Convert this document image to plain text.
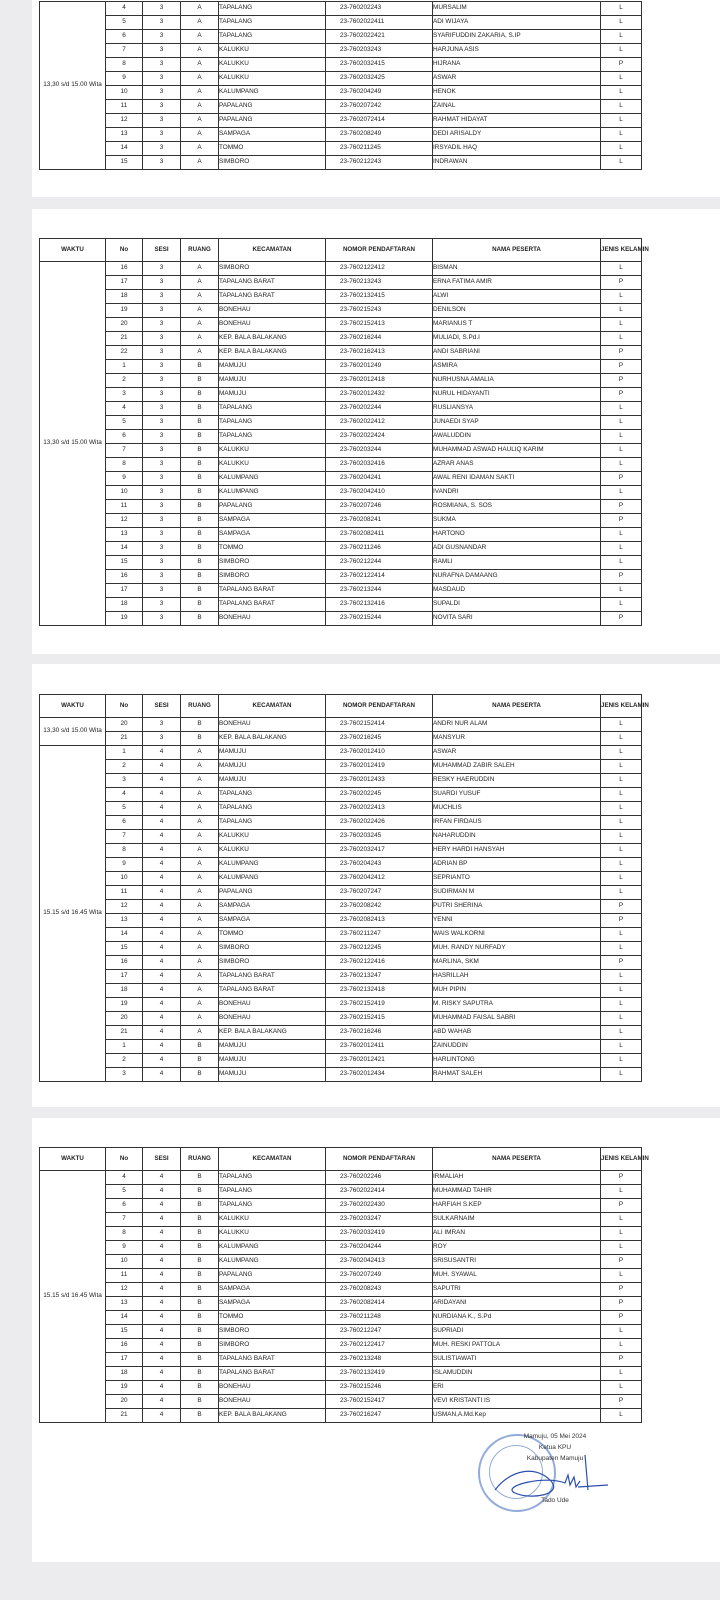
13,30 s/d 15.00 Wita	4	3	A	TAPALANG	23-760202243	MURSALIM	L
	5	3	A	TAPALANG	23-7602022411	ADI WIJAYA	L
	6	3	A	TAPALANG	23-7602022421	SYARIFUDDIN ZAKARIA, S.IP	L
	7	3	A	KALUKKU	23-760203243	HARJUNA ASIS	L
	8	3	A	KALUKKU	23-7602032415	HIJRANA	P
	9	3	A	KALUKKU	23-7602032425	ASWAR	L
	10	3	A	KALUMPANG	23-760204249	HENOK	L
	11	3	A	PAPALANG	23-760207242	ZAINAL	L
	12	3	A	PAPALANG	23-7602072414	RAHMAT HIDAYAT	L
	13	3	A	SAMPAGA	23-760208249	DEDI ARISALDY	L
	14	3	A	TOMMO	23-760211245	IRSYADIL HAQ	L
	15	3	A	SIMBORO	23-760212243	INDRAWAN	L
WAKTU	No	SESI	RUANG	KECAMATAN	NOMOR PENDAFTARAN	NAMA PESERTA	JENIS KELAMIN
13,30 s/d 15.00 Wita	16	3	A	SIMBORO	23-7602122412	BISMAN	L
	17	3	A	TAPALANG BARAT	23-760213243	ERNA FATIMA AMIR	P
	18	3	A	TAPALANG BARAT	23-7602132415	ALWI	L
	19	3	A	BONEHAU	23-760215243	DENILSON	L
	20	3	A	BONEHAU	23-7602152413	MARIANUS T	L
	21	3	A	KEP. BALA BALAKANG	23-760216244	MULIADI, S.Pd.I	L
	22	3	A	KEP. BALA BALAKANG	23-7602162413	ANDI SABRIANI	P
	1	3	B	MAMUJU	23-760201249	ASMIRA	P
	2	3	B	MAMUJU	23-7602012418	NURHUSNA AMALIA	P
	3	3	B	MAMUJU	23-7602012432	NURUL HIDAYANTI	P
	4	3	B	TAPALANG	23-760202244	RUSLIANSYA	L
	5	3	B	TAPALANG	23-7602022412	JUNAEDI SYAP	L
	6	3	B	TAPALANG	23-7602022424	AWALUDDIN	L
	7	3	B	KALUKKU	23-760203244	MUHAMMAD ASWAD HAULIQ KARIM	L
	8	3	B	KALUKKU	23-7602032416	AZRAR ANAS	L
	9	3	B	KALUMPANG	23-760204241	AWAL RENI IDAMAN SAKTI	P
	10	3	B	KALUMPANG	23-7602042410	IVANDRI	L
	11	3	B	PAPALANG	23-760207246	ROSMIANA, S. SOS	P
	12	3	B	SAMPAGA	23-760208241	SUKMA	P
	13	3	B	SAMPAGA	23-7602082411	HARTONO	L
	14	3	B	TOMMO	23-760211246	ADI GUSNANDAR	L
	15	3	B	SIMBORO	23-760212244	RAMLI	L
	16	3	B	SIMBORO	23-7602122414	NURAFNA DAMAANG	P
	17	3	B	TAPALANG BARAT	23-760213244	MASDAUD	L
	18	3	B	TAPALANG BARAT	23-7602132416	SUPALDI	L
	19	3	B	BONEHAU	23-760215244	NOVITA SARI	P
WAKTU	No	SESI	RUANG	KECAMATAN	NOMOR PENDAFTARAN	NAMA PESERTA	JENIS KELAMIN
13,30 s/d 15.00 Wita	20	3	B	BONEHAU	23-7602152414	ANDRI NUR ALAM	L
	21	3	B	KEP. BALA BALAKANG	23-760216245	MANSYUR	L
15.15 s/d 16.45 Wita	1	4	A	MAMUJU	23-7602012410	ASWAR	L
	2	4	A	MAMUJU	23-7602012419	MUHAMMAD ZABIR SALEH	L
	3	4	A	MAMUJU	23-7602012433	RESKY HAERUDDIN	L
	4	4	A	TAPALANG	23-760202245	SUARDI YUSUF	L
	5	4	A	TAPALANG	23-7602022413	MUCHLIS	L
	6	4	A	TAPALANG	23-7602022426	IRFAN FIRDAUS	L
	7	4	A	KALUKKU	23-760203245	NAHARUDDIN	L
	8	4	A	KALUKKU	23-7602032417	HERY HARDI HANSYAH	L
	9	4	A	KALUMPANG	23-760204243	ADRIAN BP	L
	10	4	A	KALUMPANG	23-7602042412	SEPRIANTO	L
	11	4	A	PAPALANG	23-760207247	SUDIRMAN M	L
	12	4	A	SAMPAGA	23-760208242	PUTRI SHERINA	P
	13	4	A	SAMPAGA	23-7602082413	YENNI	P
	14	4	A	TOMMO	23-760211247	WAIS WALKORNI	L
	15	4	A	SIMBORO	23-760212245	MUH. RANDY NURFADY	L
	16	4	A	SIMBORO	23-7602122416	MARLINA, SKM	P
	17	4	A	TAPALANG BARAT	23-760213247	HASRILLAH	L
	18	4	A	TAPALANG BARAT	23-7602132418	MUH PIPIN	L
	19	4	A	BONEHAU	23-7602152419	M. RISKY SAPUTRA	L
	20	4	A	BONEHAU	23-7602152415	MUHAMMAD FAISAL SABRI	L
	21	4	A	KEP. BALA BALAKANG	23-760216246	ABD WAHAB	L
	1	4	B	MAMUJU	23-7602012411	ZAINUDDIN	L
	2	4	B	MAMUJU	23-7602012421	HARLINTONG	L
	3	4	B	MAMUJU	23-7602012434	RAHMAT SALEH	L
WAKTU	No	SESI	RUANG	KECAMATAN	NOMOR PENDAFTARAN	NAMA PESERTA	JENIS KELAMIN
15.15 s/d 16.45 Wita	4	4	B	TAPALANG	23-760202246	IRMALIAH	P
	5	4	B	TAPALANG	23-7602022414	MUHAMMAD TAHIR	L
	6	4	B	TAPALANG	23-7602022430	HARFIAH S.KEP	P
	7	4	B	KALUKKU	23-760203247	SULKARNAIM	L
	8	4	B	KALUKKU	23-7602032419	ALI IMRAN	L
	9	4	B	KALUMPANG	23-760204244	ROY	L
	10	4	B	KALUMPANG	23-7602042413	SRISUSANTRI	P
	11	4	B	PAPALANG	23-760207249	MUH. SYAWAL	L
	12	4	B	SAMPAGA	23-760208243	SAPUTRI	P
	13	4	B	SAMPAGA	23-7602082414	ARIDAYANI	P
	14	4	B	TOMMO	23-760211248	NURDIANA K., S.Pd	P
	15	4	B	SIMBORO	23-760212247	SUPRIADI	L
	16	4	B	SIMBORO	23-7602122417	MUH. RESKI PATTOLA	L
	17	4	B	TAPALANG BARAT	23-760213248	SULISTIAWATI	P
	18	4	B	TAPALANG BARAT	23-7602132419	ISLAMUDDIN	L
	19	4	B	BONEHAU	23-760215246	ERI	L
	20	4	B	BONEHAU	23-7602152417	VEVI KRISTANTI IS	P
	21	4	B	KEP. BALA BALAKANG	23-760216247	USMAN,A.Md.Kep	L
Mamuju, 05 Mei 2024
Ketua KPU
Kabupaten Mamuju
Tado Ude
